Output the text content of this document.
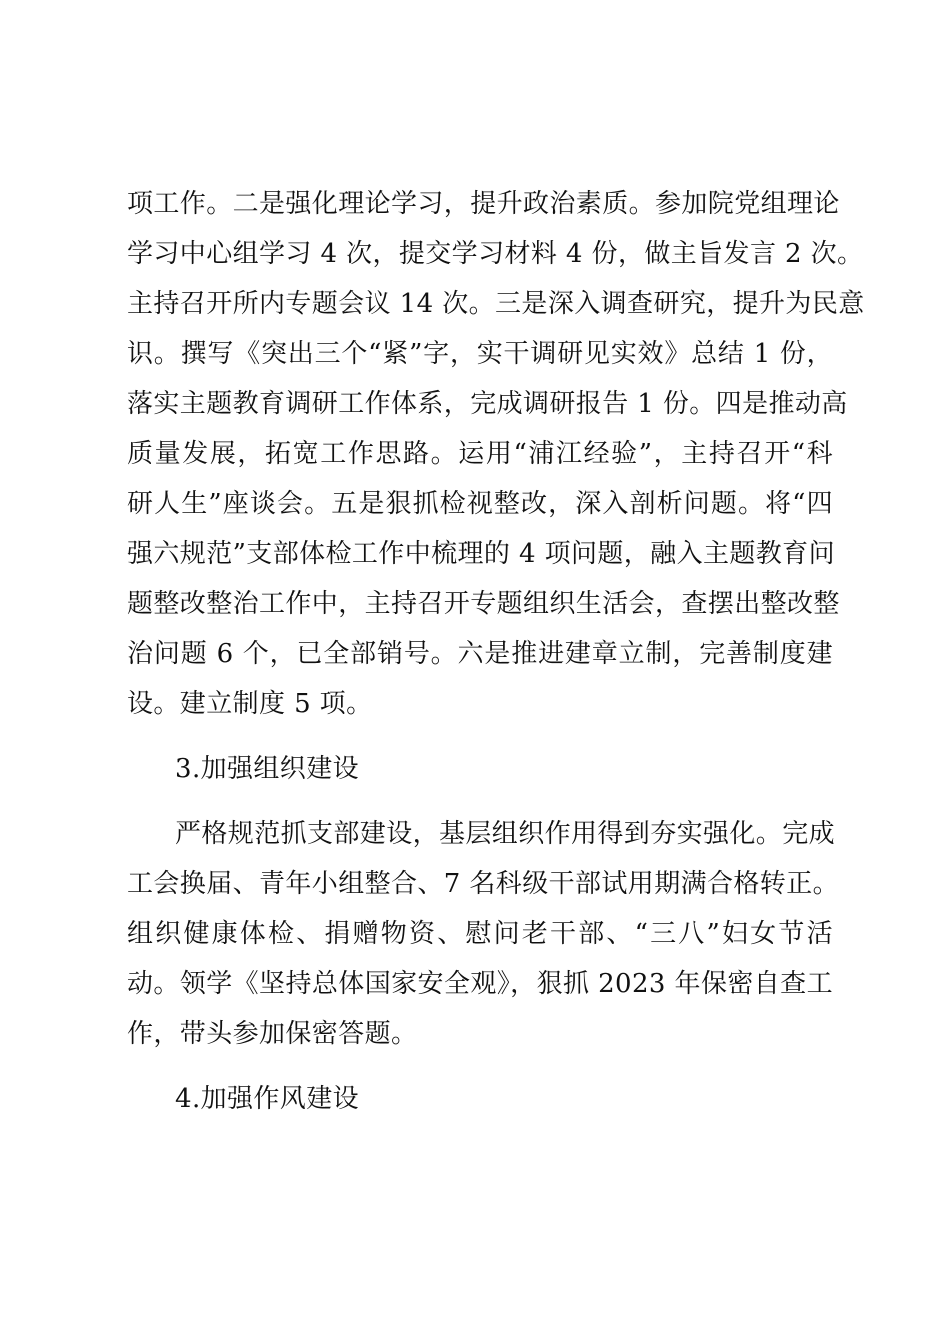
项工作。二是强化理论学习，提升政治素质。参加院党组理论
学习中心组学习 4 次，提交学习材料 4 份，做主旨发言 2 次。
主持召开所内专题会议 14 次。三是深入调查研究，提升为民意
识。撰写《突出三个“紧”字，实干调研见实效》总结 1 份，
落实主题教育调研工作体系，完成调研报告 1 份。四是推动高
质量发展，拓宽工作思路。运用“浦江经验”，主持召开“科
研人生”座谈会。五是狠抓检视整改，深入剖析问题。将“四
强六规范”支部体检工作中梳理的 4 项问题，融入主题教育问
题整改整治工作中，主持召开专题组织生活会，查摆出整改整
治问题 6 个，已全部销号。六是推进建章立制，完善制度建
设。建立制度 5 项。
3.加强组织建设
严格规范抓支部建设，基层组织作用得到夯实强化。完成
工会换届、青年小组整合、7 名科级干部试用期满合格转正。
组织健康体检、捐赠物资、慰问老干部、“三八”妇女节活
动。领学《坚持总体国家安全观》，狠抓 2023 年保密自查工
作，带头参加保密答题。
4.加强作风建设
